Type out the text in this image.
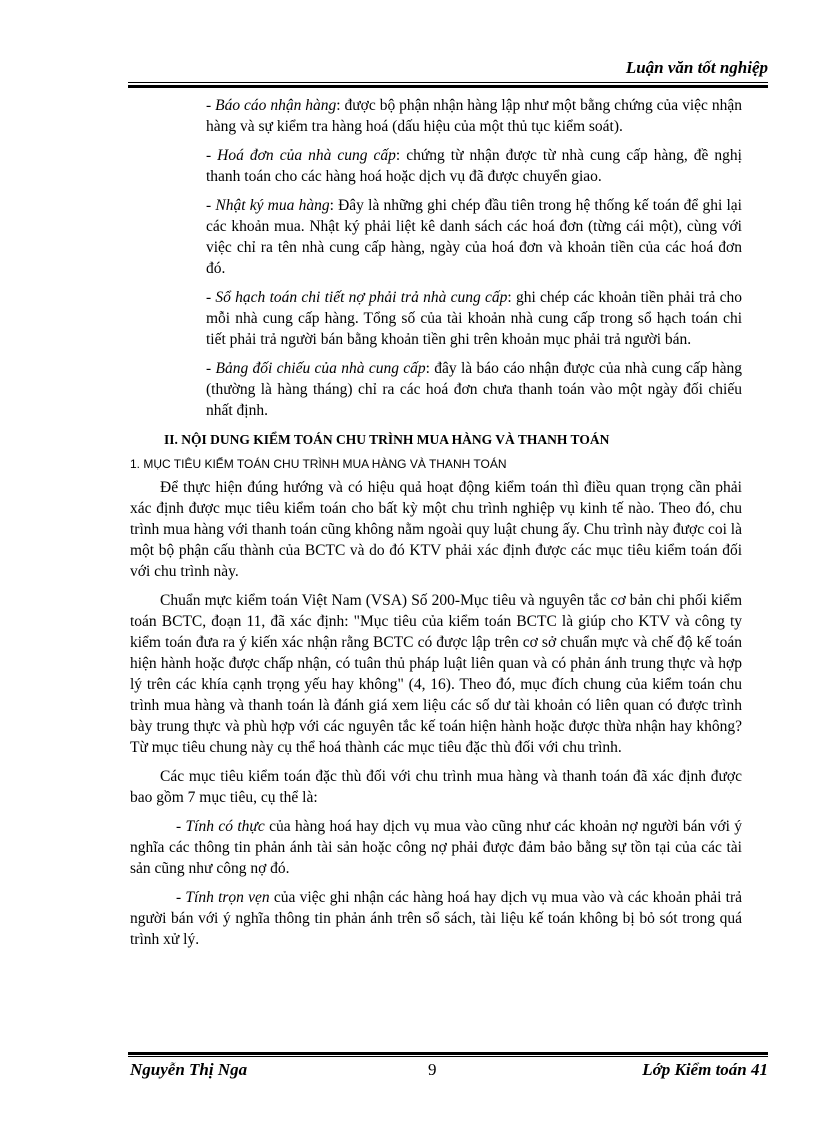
Luận văn tốt nghiệp

- Báo cáo nhận hàng: được bộ phận nhận hàng lập như một bằng chứng của việc nhận hàng và sự kiểm tra hàng hoá (dấu hiệu của một thủ tục kiểm soát).

- Hoá đơn của nhà cung cấp: chứng từ nhận được từ nhà cung cấp hàng, đề nghị thanh toán cho các hàng hoá hoặc dịch vụ đã được chuyển giao.

- Nhật ký mua hàng: Đây là những ghi chép đầu tiên trong hệ thống kế toán để ghi lại các khoản mua. Nhật ký phải liệt kê danh sách các hoá đơn (từng cái một), cùng với việc chỉ ra tên nhà cung cấp hàng, ngày của hoá đơn và khoản tiền của các hoá đơn đó.

- Sổ hạch toán chi tiết nợ phải trả nhà cung cấp: ghi chép các khoản tiền phải trả cho mỗi nhà cung cấp hàng. Tổng số của tài khoản nhà cung cấp trong sổ hạch toán chi tiết phải trả người bán bằng khoản tiền ghi trên khoản mục phải trả người bán.

- Bảng đối chiếu của nhà cung cấp: đây là báo cáo nhận được của nhà cung cấp hàng (thường là hàng tháng) chỉ ra các hoá đơn chưa thanh toán vào một ngày đối chiếu nhất định.

II. NỘI DUNG KIỂM TOÁN CHU TRÌNH MUA HÀNG VÀ THANH TOÁN
1. MỤC TIÊU KIỂM TOÁN CHU TRÌNH MUA HÀNG VÀ THANH TOÁN

Để thực hiện đúng hướng và có hiệu quả hoạt động kiểm toán thì điều quan trọng cần phải xác định được mục tiêu kiểm toán cho bất kỳ một chu trình nghiệp vụ kinh tế nào. Theo đó, chu trình mua hàng với thanh toán cũng không nằm ngoài quy luật chung ấy. Chu trình này được coi là một bộ phận cấu thành của BCTC và do đó KTV phải xác định được các mục tiêu kiểm toán đối với chu trình này.

Chuẩn mực kiểm toán Việt Nam (VSA) Số 200-Mục tiêu và nguyên tắc cơ bản chi phối kiểm toán BCTC, đoạn 11, đã xác định: "Mục tiêu của kiểm toán BCTC là giúp cho KTV và công ty kiểm toán đưa ra ý kiến xác nhận rằng BCTC có được lập trên cơ sở chuẩn mực và chế độ kế toán hiện hành hoặc được chấp nhận, có tuân thủ pháp luật liên quan và có phản ánh trung thực và hợp lý trên các khía cạnh trọng yếu hay không" (4, 16). Theo đó, mục đích chung của kiểm toán chu trình mua hàng và thanh toán là đánh giá xem liệu các số dư tài khoản có liên quan có được trình bày trung thực và phù hợp với các nguyên tắc kế toán hiện hành hoặc được thừa nhận hay không? Từ mục tiêu chung này cụ thể hoá thành các mục tiêu đặc thù đối với chu trình.

Các mục tiêu kiểm toán đặc thù đối với chu trình mua hàng và thanh toán đã xác định được bao gồm 7 mục tiêu, cụ thể là:

- Tính có thực của hàng hoá hay dịch vụ mua vào cũng như các khoản nợ người bán với ý nghĩa các thông tin phản ánh tài sản hoặc công nợ phải được đảm bảo bằng sự tồn tại của các tài sản cũng như công nợ đó.

- Tính trọn vẹn của việc ghi nhận các hàng hoá hay dịch vụ mua vào và các khoản phải trả người bán với ý nghĩa thông tin phản ánh trên sổ sách, tài liệu kế toán không bị bỏ sót trong quá trình xử lý.

Nguyễn Thị Nga	9	Lớp Kiểm toán 41
